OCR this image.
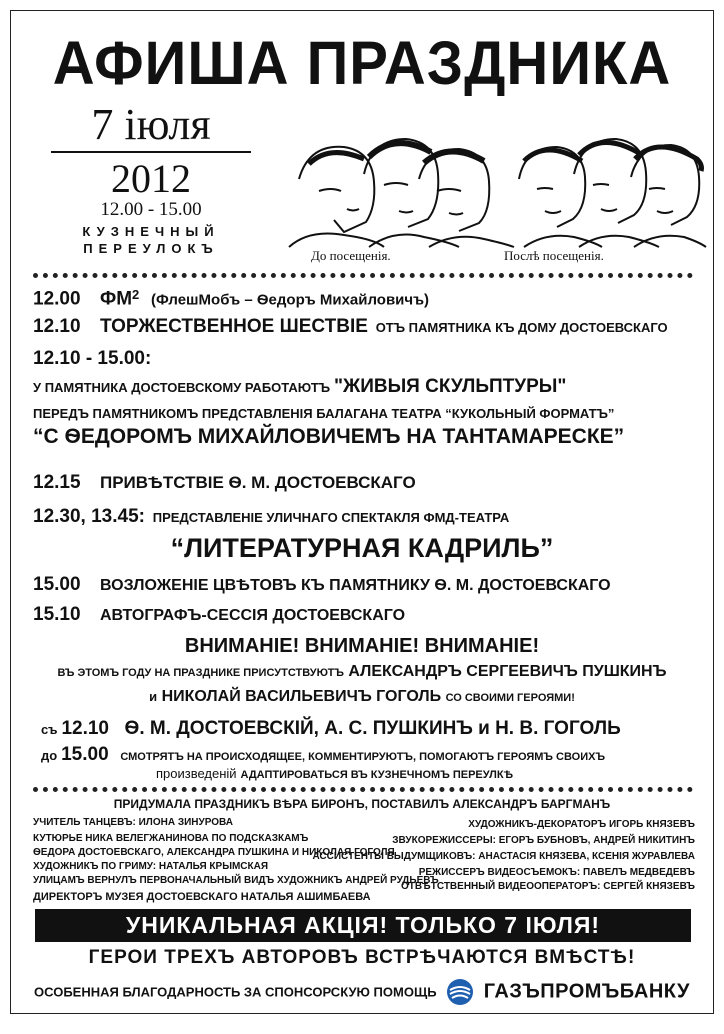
АФИША ПРАЗДНИКА
7 іюля
2012
12.00 - 15.00
КУЗНЕЧНЫЙ
ПЕРЕУЛОКЪ	До посещенія.	Послѣ посещенія.
12.00 $ФМ^2$ (ФлешМобъ – Ѳедоръ Михайловичъ)
12.10 ТОРЖЕСТВЕННОЕ ШЕСТВІЕ ОТЪ ПАМЯТНИКА КЪ ДОМУ ДОСТОЕВСКАГО
12.10 - 15.00:
У ПАМЯТНИКА ДОСТОЕВСКОМУ РАБОТАЮТЪ "ЖИВЫЯ СКУЛЬПТУРЫ"
ПЕРЕДЪ ПАМЯТНИКОМЪ ПРЕДСТАВЛЕНІЯ БАЛАГАНА ТЕАТРА “КУКОЛЬНЫЙ ФОРМАТЪ”
“С ѲЕДОРОМЪ МИХАЙЛОВИЧЕМЪ НА ТАНТАМАРЕСКЕ”
12.15 ПРИВѢТСТВІЕ Ѳ. М. ДОСТОЕВСКАГО
12.30, 13.45: ПРЕДСТАВЛЕНІЕ УЛИЧНАГО СПЕКТАКЛЯ ФМД-ТЕАТРА
“ЛИТЕРАТУРНАЯ КАДРИЛЬ”
15.00 ВОЗЛОЖЕНІЕ ЦВѢТОВЪ КЪ ПАМЯТНИКУ Ѳ. М. ДОСТОЕВСКАГО
15.10 АВТОГРАФЪ-СЕССІЯ ДОСТОЕВСКАГО
ВНИМАНІЕ! ВНИМАНІЕ! ВНИМАНІЕ!
ВЪ ЭТОМЪ ГОДУ НА ПРАЗДНИКЕ ПРИСУТСТВУЮТЪ АЛЕКСАНДРЪ СЕРГЕЕВИЧЪ ПУШКИНЪ
и НИКОЛАЙ ВАСИЛЬЕВИЧЪ ГОГОЛЬ СО СВОИМИ ГЕРОЯМИ!
съ 12.10 Ѳ. М. ДОСТОЕВСКІЙ, А. С. ПУШКИНЪ и Н. В. ГОГОЛЬ
до 15.00 СМОТРЯТЪ НА ПРОИСХОДЯЩЕЕ, КОММЕНТИРУЮТЪ, ПОМОГАЮТЪ ГЕРОЯМЪ СВОИХЪ
произведеній АДАПТИРОВАТЬСЯ ВЪ КУЗНЕЧНОМЪ ПЕРЕУЛКѢ
ПРИДУМАЛА ПРАЗДНИКЪ ВѢРА БИРОНЪ, ПОСТАВИЛЪ АЛЕКСАНДРЪ БАРГМАНЪ
УЧИТЕЛЬ ТАНЦЕВЪ: ИЛОНА ЗИНУРОВА
КУТЮРЬЕ НИКА ВЕЛЕГЖАНИНОВА ПО ПОДСКАЗКАМЪ
ѲЕДОРА ДОСТОЕВСКАГО, АЛЕКСАНДРА ПУШКИНА И НИКОЛАЯ ГОГОЛЯ
ХУДОЖНИКЪ ПО ГРИМУ: НАТАЛЬЯ КРЫМСКАЯ
УЛИЦАМЪ ВЕРНУЛЪ ПЕРВОНАЧАЛЬНЫЙ ВИДЪ ХУДОЖНИКЪ АНДРЕЙ РУДЬЕВЪ
ХУДОЖНИКЪ-ДЕКОРАТОРЪ ИГОРЬ КНЯЗЕВЪ
ЗВУКОРЕЖИССЕРЫ: ЕГОРЪ БУБНОВЪ, АНДРЕЙ НИКИТИНЪ
АССИСТЕНТЫ ВЫДУМЩИКОВЪ: АНАСТАСІЯ КНЯЗЕВА, КСЕНІЯ ЖУРАВЛЕВА
РЕЖИССЕРЪ ВИДЕОСЪЕМОКЪ: ПАВЕЛЪ МЕДВЕДЕВЪ
ОТВѢТСТВЕННЫЙ ВИДЕООПЕРАТОРЪ: СЕРГЕЙ КНЯЗЕВЪ
ДИРЕКТОРЪ МУЗЕЯ ДОСТОЕВСКАГО НАТАЛЬЯ АШИМБАЕВА
УНИКАЛЬНАЯ АКЦІЯ! ТОЛЬКО 7 ІЮЛЯ!
ГЕРОИ ТРЕХЪ АВТОРОВЪ ВСТРѢЧАЮТСЯ ВМѢСТѢ!
ОСОБЕННАЯ БЛАГОДАРНОСТЬ ЗА СПОНСОРСКУЮ ПОМОЩЬ ГАЗЪПРОМЪБАНКУ
